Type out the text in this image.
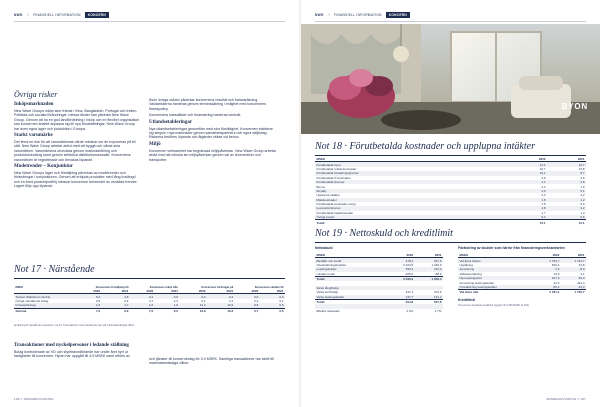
NWG // FINANSIELL INFORMATION	KONCERN
Övriga risker
Inköpsmarknaden

New Wave Groups inköp sker främst i Kina, Bangladesh, Portugal och Indien. Politiska och sociala förändringar i dessa länder kan påverka New Wave Group. Genom att ha en god landfördelning i inköp och en flexibel organisation kan koncernen snabbt anpassa sig till nya förutsättningar. New Wave Group har även egna lager och produktion i Europa.

Starkt varumärke

Det finns en risk för att varumärkenas värde minskar om de exponeras på fel sätt. New Wave Group arbetar aktivt med att bygga och vårda sina varumärken. Varumärkena utvecklas genom marknadsföring och produktutveckling samt genom selektiva distributionskanaler. Koncernens varumärken är registrerade och bevakas löpande.

Modetrender – Konjunktur

New Wave Groups lager och försäljning påverkas av modetrender och förändringar i konjunkturen. Genom att erbjuda produkter med lång livslängd och en bred produktportfölj minskar koncernen beroendet av enskilda trender. Lagret följs upp löpande.

Även övriga valutor påverkar koncernens resultat och balansräkning. Valutariskerna hanteras genom terminssäkring i enlighet med koncernens finanspolicy.

Koncernens kassaflöde och finansiering hanteras centralt.

Utlandsetableringar

Nya utlandsetableringar genomförs med stor försiktighet. Koncernen etablerar sig stegvis i nya marknader genom samarbetspartners och egna säljbolag. Riskerna bedöms löpande och åtgärder vidtas vid behov.

Miljö

Koncernen verksamhet har begränsad miljöpåverkan. New Wave Group arbetar aktivt med att minska sin miljöpåverkan genom val av leverantörer och transporter.

Not 17 · Närstående
MSEK	Koncernens försäljning till		Koncernens inköp från		Koncernens fordringar på		Koncernens skulder till	
	2022	2021	2022	2021	2022	2021	2022	2021
Torsten Wahlstrom GmbH	5,2	4,8	0,1	0,0	0,4	0,3	0,0	0,0
Övriga närstående bolag	0,5	0,4	4,7	4,3	0,1	0,1	0,2	0,1
Intresseföretag	1,5	1,7	2,2	1,9	13,3	12,9	0,5	0,5
Summa	7,2	6,9	7,0	6,2	13,8	13,3	0,7	0,6
Ersättning till närstående redovisas i not 10. Transaktioner med närstående sker på marknadsmässiga villkor.
Transaktioner med nyckelpersoner i ledande ställning

Bolag kontrollerade av VD och styrelseordförande har under året hyrt ut fastigheter till koncernen. Hyran har uppgått till 4,9 MSEK samt utförts av

och tjänster till koncernbolag för 0,0 MSEK. Samtliga transaktioner har skett till marknadsmässiga villkor.

196 // ÅRSREDOVISNING
NWG // FINANSIELL INFORMATION	KONCERN
BYON
Not 18 · Förutbetalda kostnader och upplupna intäkter
MSEK	2022	2021
Förutbetalda hyror	12,1	10,7
Förutbetalda reklamkostnader	10,7	13,8
Förutbetalda försäkringspremier	10,1	8,7
Förutbetalda IT-kostnader	3,9	4,6
Förutbetalda licenser	4,1	2,8
Bonus	2,4	1,9
Royalty	4,9	5,1
Upplupna intäkter	2,3	2,2
Mässkostnader	1,8	1,2
Förutbetalda kostnader övrigt	7,5	6,9
Leverantörsbonus	4,8	4,2
Förutbetalda fraktkostnader	1,7	1,3
Övriga poster	0,4	0,6
Totalt	72,1	72,1
Not 19 · Nettoskuld och kreditlimit
Nettoskuld
MSEK	2022	2021
Banklån och kredit	478,4	367,9
Checkräkningskrediter	2 403,9	1 160,9
Leasingskulder	253,3	219,2
Likvida medel	-105,0	-88,6
Totalt	3 030,6	1 659,4

Varav långfristigt		
Varav kortfristigt	347,1	376,6
Varav leasingskulder	147,7	131,2
Totalt	494,8	507,8

Effektiv räntesats	2,4%	1,7%
Förändring av skulder som härrör från finansieringsverksamheten
MSEK	2022	2021
Vid årets början	1 766,7	1 742,7
Upplåning	810,1	43,8
Amortering	-7,4	-8,9
Valutaomräkning	13,6	4,1
Nya leasingavtal	107,3	69,3
Amortering leasingskulder	-11,3	-114,4
Omvärdering leasingskulder	-56,2	-12,3
Vid årets slut	2 781,1	1 735,7
Kreditlimit
Koncernens beviljade kreditlimit uppgick till 3 459 MSEK (3 264).
ÅRSREDOVISNING // 197
